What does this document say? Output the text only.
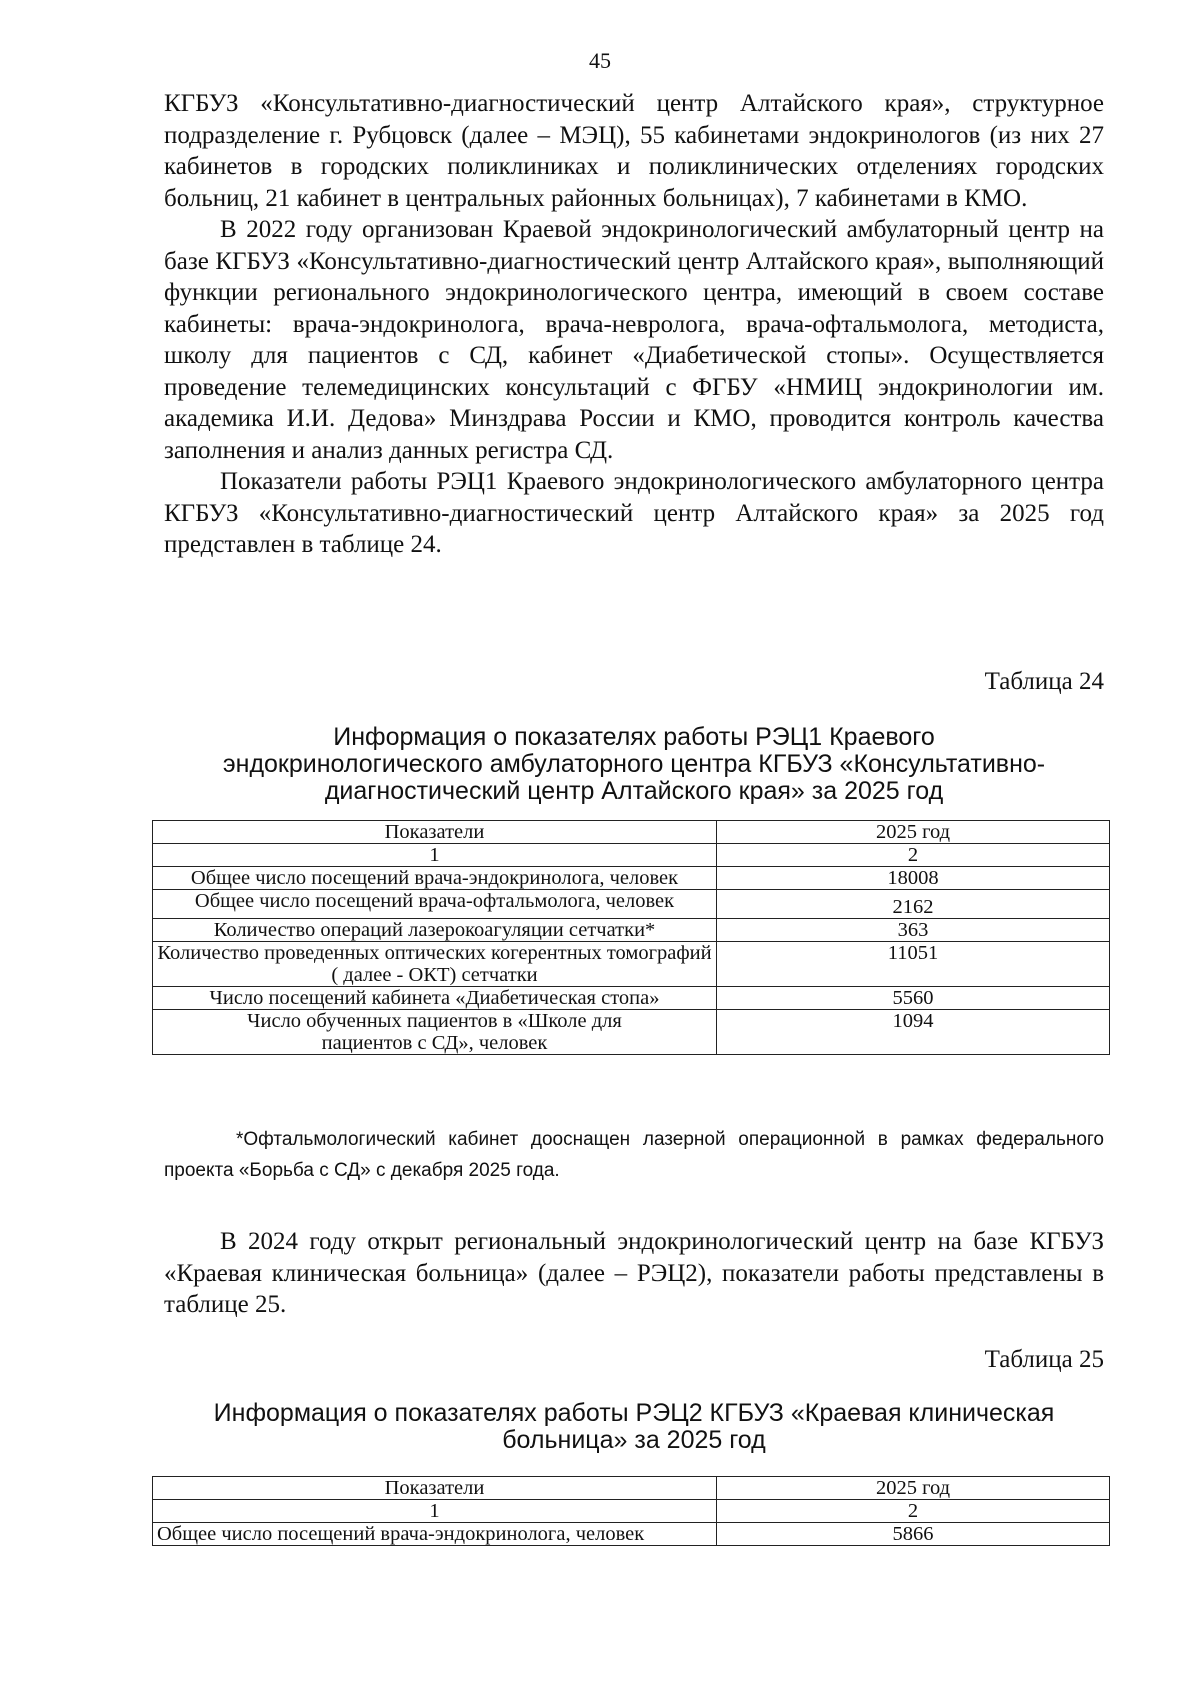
45

КГБУЗ «Консультативно-диагностический центр Алтайского края», структурное подразделение г. Рубцовск (далее – МЭЦ), 55 кабинетами эндокринологов (из них 27 кабинетов в городских поликлиниках и поликлинических отделениях городских больниц, 21 кабинет в центральных районных больницах), 7 кабинетами в КМО.

В 2022 году организован Краевой эндокринологический амбулаторный центр на базе КГБУЗ «Консультативно-диагностический центр Алтайского края», выполняющий функции регионального эндокринологического центра, имеющий в своем составе кабинеты: врача-эндокринолога, врача-невролога, врача-офтальмолога, методиста, школу для пациентов с СД, кабинет «Диабетической стопы». Осуществляется проведение телемедицинских консультаций с ФГБУ «НМИЦ эндокринологии им. академика И.И. Дедова» Минздрава России и КМО, проводится контроль качества заполнения и анализ данных регистра СД.

Показатели работы РЭЦ1 Краевого эндокринологического амбулаторного центра КГБУЗ «Консультативно-диагностический центр Алтайского края» за 2025 год представлен в таблице 24.

Таблица 24
Информация о показателях работы РЭЦ1 Краевого
эндокринологического амбулаторного центра КГБУЗ «Консультативно-
диагностический центр Алтайского края» за 2025 год
Показатели	2025 год
1	2
Общее число посещений врача-эндокринолога, человек	18008
Общее число посещений врача-офтальмолога, человек	2162
Количество операций лазерокоагуляции сетчатки*	363
Количество проведенных оптических когерентных томографий ( далее - ОКТ) сетчатки	11051
Число посещений кабинета «Диабетическая стопа»	5560
Число обученных пациентов в «Школе для пациентов с СД», человек	1094

*Офтальмологический кабинет дооснащен лазерной операционной в рамках федерального проекта «Борьба с СД» с декабря 2025 года.

В 2024 году открыт региональный эндокринологический центр на базе КГБУЗ «Краевая клиническая больница» (далее – РЭЦ2), показатели работы представлены в таблице 25.

Таблица 25
Информация о показателях работы РЭЦ2 КГБУЗ «Краевая клиническая
больница» за 2025 год
Показатели	2025 год
1	2
Общее число посещений врача-эндокринолога, человек	5866
